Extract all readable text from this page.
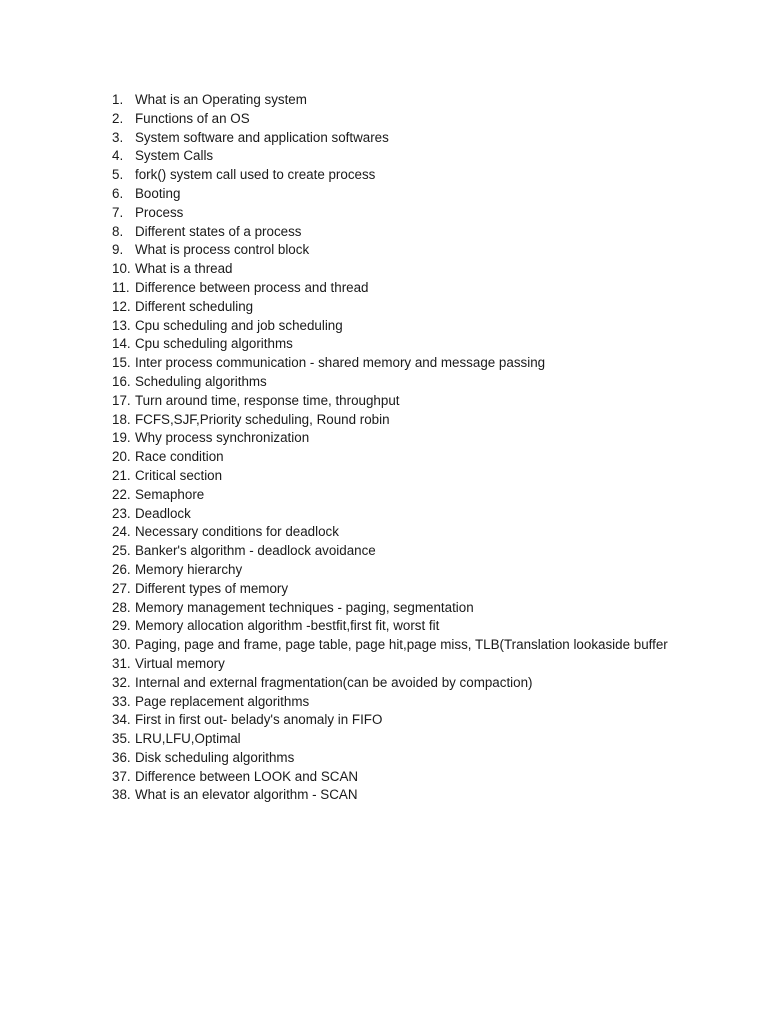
1. What is an Operating system
2. Functions of an OS
3. System software and application softwares
4. System Calls
5. fork() system call used to create process
6. Booting
7. Process
8. Different states of a process
9. What is process control block
10. What is a thread
11. Difference between process and thread
12. Different scheduling
13. Cpu scheduling and job scheduling
14. Cpu scheduling algorithms
15. Inter process communication - shared memory and message passing
16. Scheduling algorithms
17. Turn around time, response time, throughput
18. FCFS,SJF,Priority scheduling, Round robin
19. Why process synchronization
20. Race condition
21. Critical section
22. Semaphore
23. Deadlock
24. Necessary conditions for deadlock
25. Banker's algorithm - deadlock avoidance
26. Memory hierarchy
27. Different types of memory
28. Memory management techniques - paging, segmentation
29. Memory allocation algorithm -bestfit,first fit, worst fit
30. Paging, page and frame, page table, page hit,page miss, TLB(Translation lookaside buffer
31. Virtual memory
32. Internal and external fragmentation(can be avoided by compaction)
33. Page replacement algorithms
34. First in first out- belady's anomaly in FIFO
35. LRU,LFU,Optimal
36. Disk scheduling algorithms
37. Difference between LOOK and SCAN
38. What is an elevator algorithm - SCAN
